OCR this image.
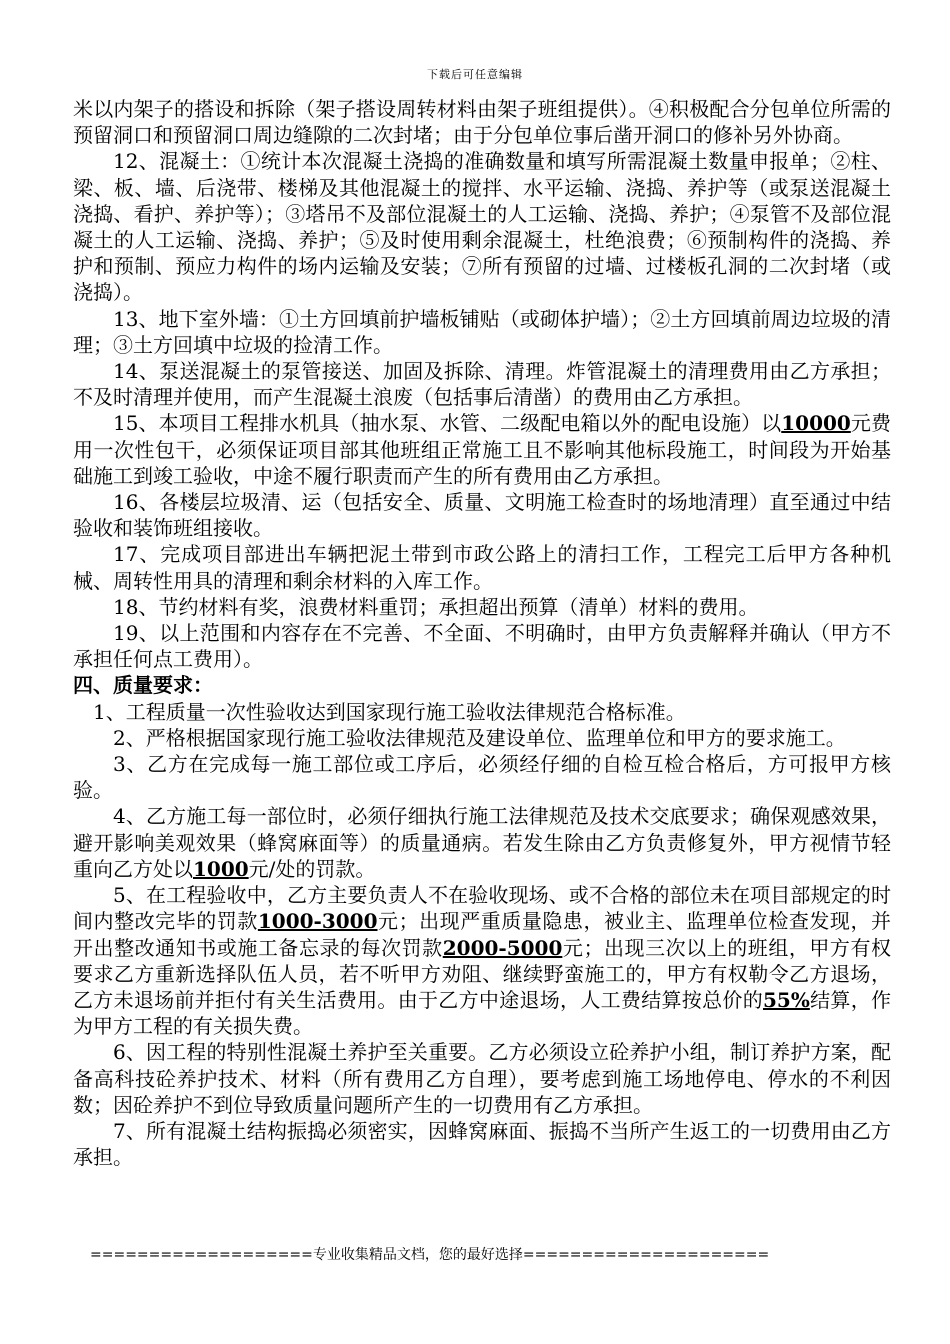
下载后可任意编辑

米以内架子的搭设和拆除（架子搭设周转材料由架子班组提供）。④积极配合分包单位所需的预留洞口和预留洞口周边缝隙的二次封堵；由于分包单位事后凿开洞口的修补另外协商。

12、混凝土：①统计本次混凝土浇捣的准确数量和填写所需混凝土数量申报单；②柱、梁、板、墙、后浇带、楼梯及其他混凝土的搅拌、水平运输、浇捣、养护等（或泵送混凝土浇捣、看护、养护等）；③塔吊不及部位混凝土的人工运输、浇捣、养护；④泵管不及部位混凝土的人工运输、浇捣、养护；⑤及时使用剩余混凝土，杜绝浪费；⑥预制构件的浇捣、养护和预制、预应力构件的场内运输及安装；⑦所有预留的过墙、过楼板孔洞的二次封堵（或浇捣）。

13、地下室外墙：①土方回填前护墙板铺贴（或砌体护墙）；②土方回填前周边垃圾的清理；③土方回填中垃圾的捡清工作。

14、泵送混凝土的泵管接送、加固及拆除、清理。炸管混凝土的清理费用由乙方承担；不及时清理并使用，而产生混凝土浪废（包括事后清凿）的费用由乙方承担。

15、本项目工程排水机具（抽水泵、水管、二级配电箱以外的配电设施）以10000元费用一次性包干，必须保证项目部其他班组正常施工且不影响其他标段施工，时间段为开始基础施工到竣工验收，中途不履行职责而产生的所有费用由乙方承担。

16、各楼层垃圾清、运（包括安全、质量、文明施工检查时的场地清理）直至通过中结验收和装饰班组接收。

17、完成项目部进出车辆把泥土带到市政公路上的清扫工作，工程完工后甲方各种机械、周转性用具的清理和剩余材料的入库工作。

18、节约材料有奖，浪费材料重罚；承担超出预算（清单）材料的费用。

19、以上范围和内容存在不完善、不全面、不明确时，由甲方负责解释并确认（甲方不承担任何点工费用）。

四、质量要求：

1、工程质量一次性验收达到国家现行施工验收法律规范合格标准。

2、严格根据国家现行施工验收法律规范及建设单位、监理单位和甲方的要求施工。

3、乙方在完成每一施工部位或工序后，必须经仔细的自检互检合格后，方可报甲方核验。

4、乙方施工每一部位时，必须仔细执行施工法律规范及技术交底要求；确保观感效果，避开影响美观效果（蜂窝麻面等）的质量通病。若发生除由乙方负责修复外，甲方视情节轻重向乙方处以1000元/处的罚款。

5、在工程验收中，乙方主要负责人不在验收现场、或不合格的部位未在项目部规定的时间内整改完毕的罚款1000-3000元；出现严重质量隐患，被业主、监理单位检查发现，并开出整改通知书或施工备忘录的每次罚款2000-5000元；出现三次以上的班组，甲方有权要求乙方重新选择队伍人员，若不听甲方劝阻、继续野蛮施工的，甲方有权勒令乙方退场，乙方未退场前并拒付有关生活费用。由于乙方中途退场，人工费结算按总价的55%结算，作为甲方工程的有关损失费。

6、因工程的特别性混凝土养护至关重要。乙方必须设立砼养护小组，制订养护方案，配备高科技砼养护技术、材料（所有费用乙方自理），要考虑到施工场地停电、停水的不利因数；因砼养护不到位导致质量问题所产生的一切费用有乙方承担。

7、所有混凝土结构振捣必须密实，因蜂窝麻面、振捣不当所产生返工的一切费用由乙方承担。

===================专业收集精品文档，您的最好选择=====================
